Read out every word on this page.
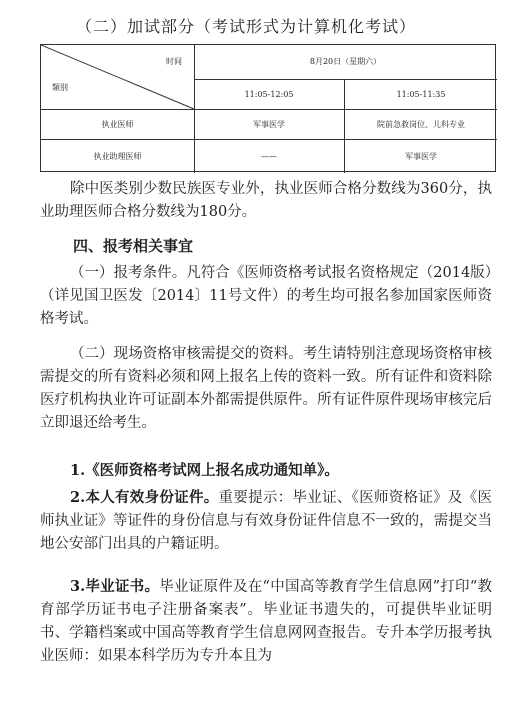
（二）加试部分（考试形式为计算机化考试）
时间
類别
8月20日（星期六）
11:05-12:05	11:05-11:35
执业医师	军事医学	院前急救岗位、儿科专业
执业助理医师	——	军事医学

除中医类别少数民族医专业外，执业医师合格分数线为360分，执业助理医师合格分数线为180分。

四、报考相关事宜

（一）报考条件。凡符合《医师资格考试报名资格规定（2014版）（详见国卫医发〔2014〕11号文件）的考生均可报名参加国家医师资格考试。

（二）现场资格审核需提交的资料。考生请特别注意现场资格审核需提交的所有资料必须和网上报名上传的资料一致。所有证件和资料除医疗机构执业许可证副本外都需提供原件。所有证件原件现场审核完后立即退还给考生。

1.《医师资格考试网上报名成功通知单》。

2.本人有效身份证件。重要提示：毕业证、《医师资格证》及《医师执业证》等证件的身份信息与有效身份证件信息不一致的，需提交当地公安部门出具的户籍证明。

3.毕业证书。毕业证原件及在“中国高等教育学生信息网”打印“教育部学历证书电子注册备案表”。毕业证书遗失的，可提供毕业证明书、学籍档案或中国高等教育学生信息网网查报告。专升本学历报考执业医师：如果本科学历为专升本且为
